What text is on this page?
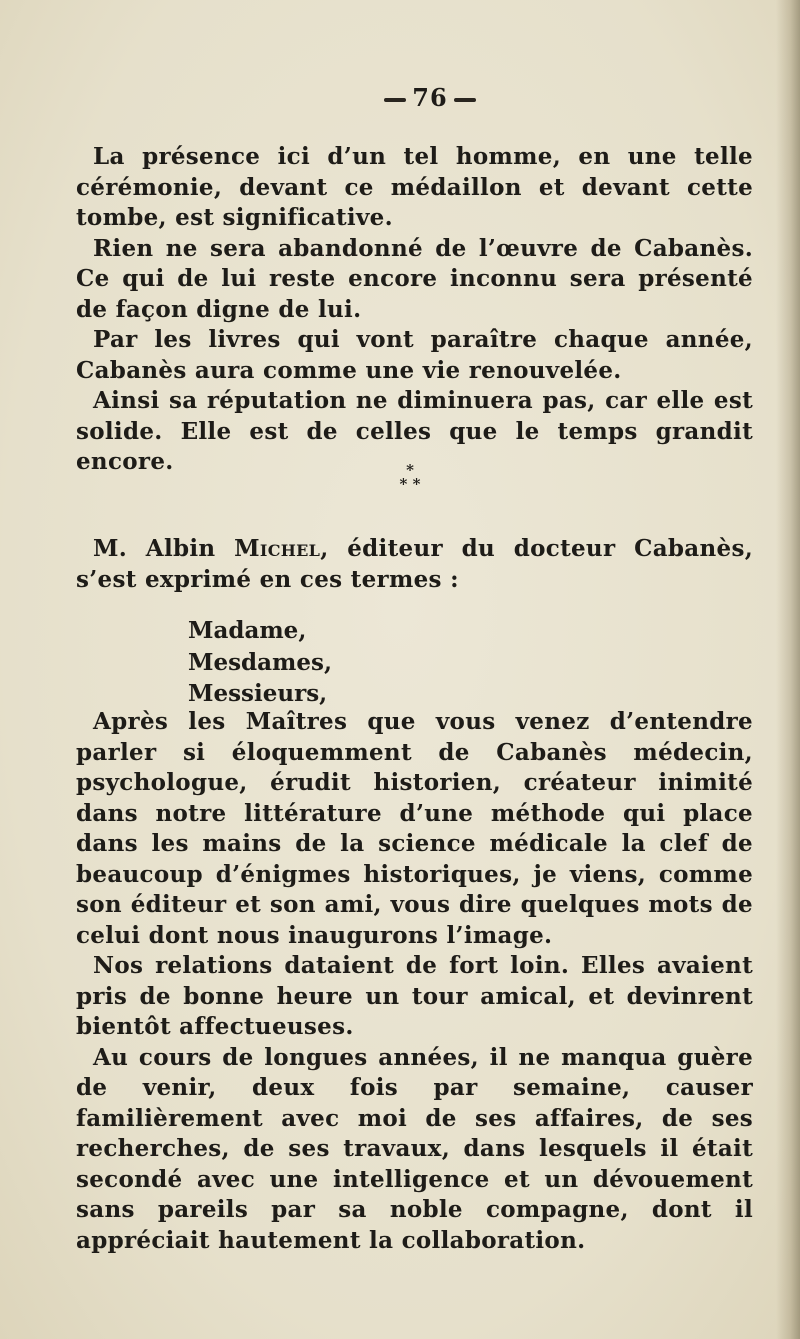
76

La présence ici d’un tel homme, en une telle cérémonie, devant ce médaillon et devant cette tombe, est significative.

Rien ne sera abandonné de l’œuvre de Cabanès. Ce qui de lui reste encore inconnu sera présenté de façon digne de lui.

Par les livres qui vont paraître chaque année, Cabanès aura comme une vie renouvelée.

Ainsi sa réputation ne diminuera pas, car elle est solide. Elle est de celles que le temps grandit encore.	*
* *

M. Albin Michel, éditeur du docteur Cabanès, s’est exprimé en ces termes :

Madame,
Mesdames,
Messieurs,

Après les Maîtres que vous venez d’entendre parler si éloquemment de Cabanès médecin, psychologue, érudit historien, créateur inimité dans notre littérature d’une méthode qui place dans les mains de la science médicale la clef de beaucoup d’énigmes historiques, je viens, comme son éditeur et son ami, vous dire quelques mots de celui dont nous inaugurons l’image.

Nos relations dataient de fort loin. Elles avaient pris de bonne heure un tour amical, et devinrent bientôt affectueuses.

Au cours de longues années, il ne manqua guère de venir, deux fois par semaine, causer familièrement avec moi de ses affaires, de ses recherches, de ses travaux, dans lesquels il était secondé avec une intelligence et un dévouement sans pareils par sa noble compagne, dont il appréciait hautement la collaboration.
